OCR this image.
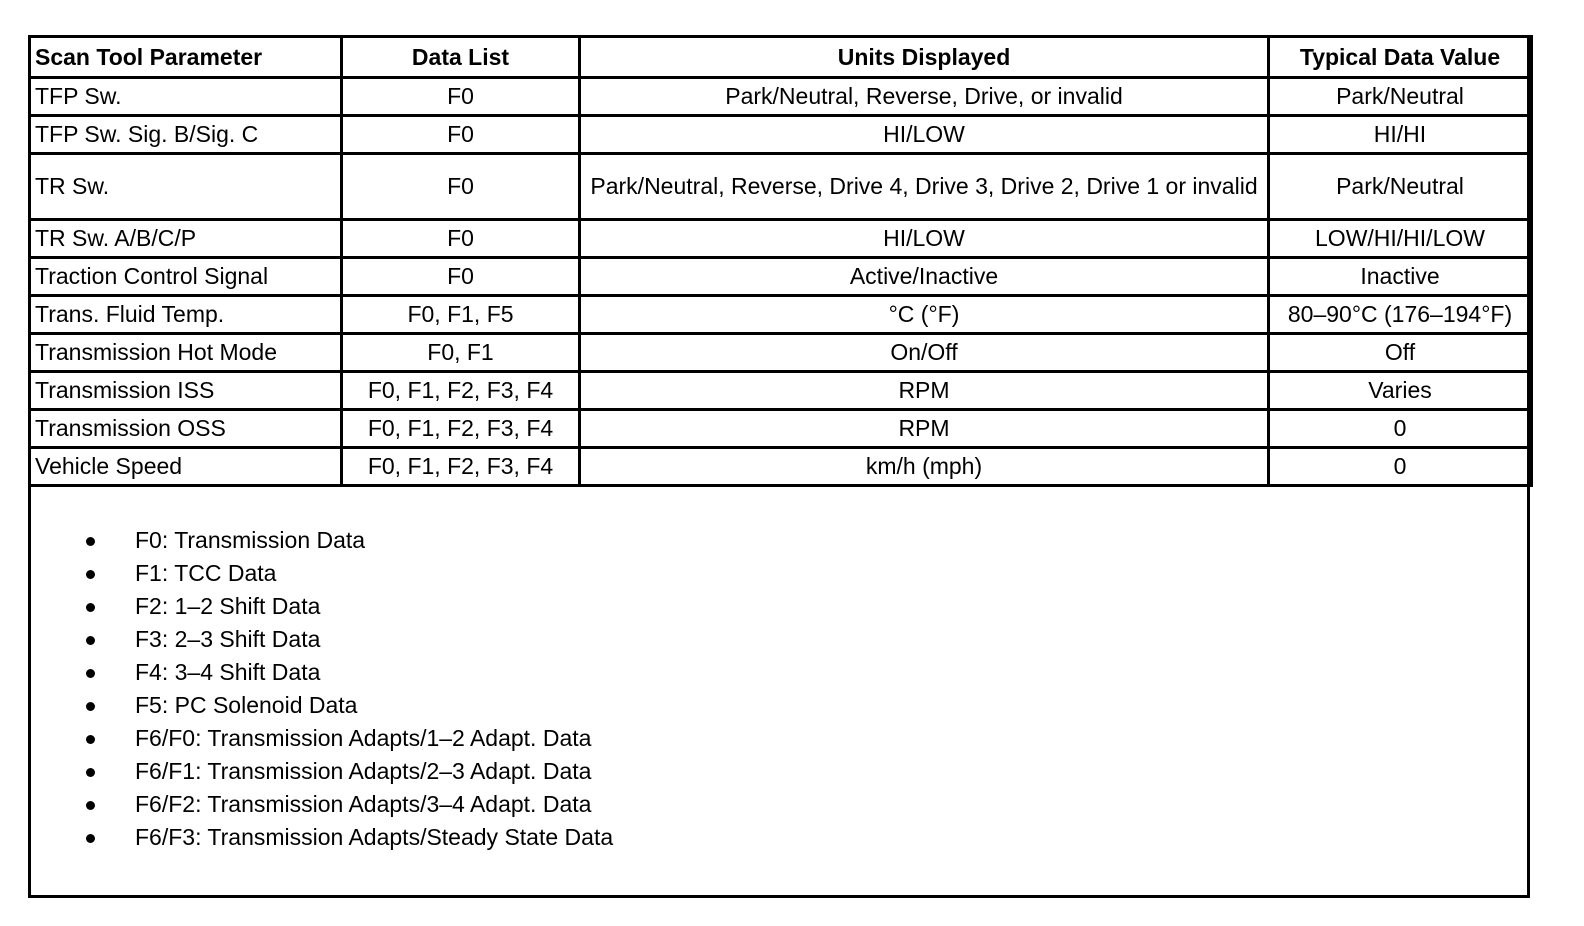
Scan Tool Parameter	Data List	Units Displayed	Typical Data Value
TFP Sw.	F0	Park/Neutral, Reverse, Drive, or invalid	Park/Neutral
TFP Sw. Sig. B/Sig. C	F0	HI/LOW	HI/HI
TR Sw.	F0	Park/Neutral, Reverse, Drive 4, Drive 3, Drive 2, Drive 1 or invalid	Park/Neutral
TR Sw. A/B/C/P	F0	HI/LOW	LOW/HI/HI/LOW
Traction Control Signal	F0	Active/Inactive	Inactive
Trans. Fluid Temp.	F0, F1, F5	°C (°F)	80–90°C (176–194°F)
Transmission Hot Mode	F0, F1	On/Off	Off
Transmission ISS	F0, F1, F2, F3, F4	RPM	Varies
Transmission OSS	F0, F1, F2, F3, F4	RPM	0
Vehicle Speed	F0, F1, F2, F3, F4	km/h (mph)	0
F0: Transmission Data
F1: TCC Data
F2: 1–2 Shift Data
F3: 2–3 Shift Data
F4: 3–4 Shift Data
F5: PC Solenoid Data
F6/F0: Transmission Adapts/1–2 Adapt. Data
F6/F1: Transmission Adapts/2–3 Adapt. Data
F6/F2: Transmission Adapts/3–4 Adapt. Data
F6/F3: Transmission Adapts/Steady State Data
